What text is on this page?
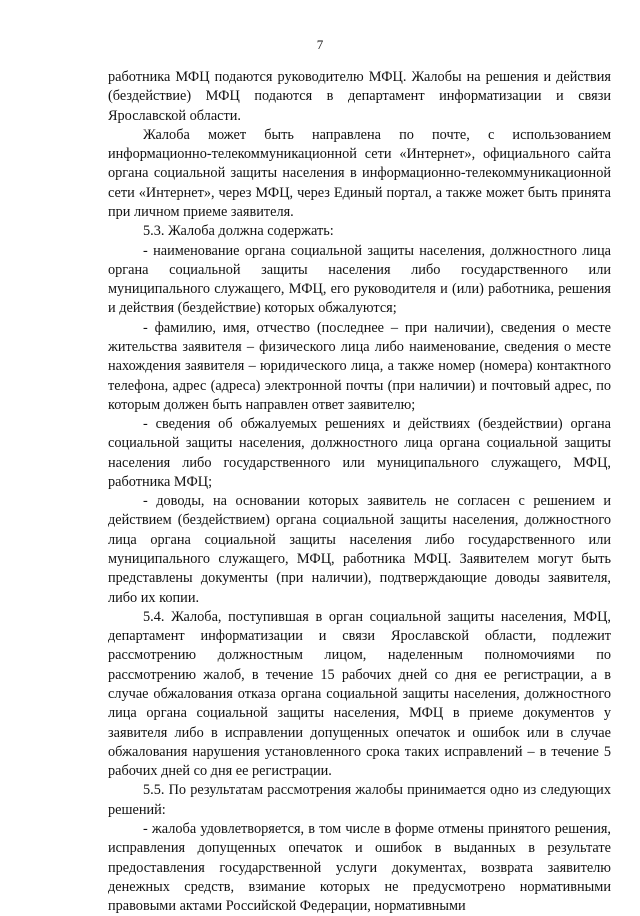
7

работника МФЦ подаются руководителю МФЦ. Жалобы на решения и действия (бездействие) МФЦ подаются в департамент информатизации и связи Ярославской области.

Жалоба может быть направлена по почте, с использованием информационно-телекоммуникационной сети «Интернет», официального сайта органа социальной защиты населения в информационно-телекоммуникационной сети «Интернет», через МФЦ, через Единый портал, а также может быть принята при личном приеме заявителя.

5.3. Жалоба должна содержать:

- наименование органа социальной защиты населения, должностного лица органа социальной защиты населения либо государственного или муниципального служащего, МФЦ, его руководителя и (или) работника, решения и действия (бездействие) которых обжалуются;

- фамилию, имя, отчество (последнее – при наличии), сведения о месте жительства заявителя – физического лица либо наименование, сведения о месте нахождения заявителя – юридического лица, а также номер (номера) контактного телефона, адрес (адреса) электронной почты (при наличии) и почтовый адрес, по которым должен быть направлен ответ заявителю;

- сведения об обжалуемых решениях и действиях (бездействии) органа социальной защиты населения, должностного лица органа социальной защиты населения либо государственного или муниципального служащего, МФЦ, работника МФЦ;

- доводы, на основании которых заявитель не согласен с решением и действием (бездействием) органа социальной защиты населения, должностного лица органа социальной защиты населения либо государственного или муниципального служащего, МФЦ, работника МФЦ. Заявителем могут быть представлены документы (при наличии), подтверждающие доводы заявителя, либо их копии.

5.4. Жалоба, поступившая в орган социальной защиты населения, МФЦ, департамент информатизации и связи Ярославской области, подлежит рассмотрению должностным лицом, наделенным полномочиями по рассмотрению жалоб, в течение 15 рабочих дней со дня ее регистрации, а в случае обжалования отказа органа социальной защиты населения, должностного лица органа социальной защиты населения, МФЦ в приеме документов у заявителя либо в исправлении допущенных опечаток и ошибок или в случае обжалования нарушения установленного срока таких исправлений – в течение 5 рабочих дней со дня ее регистрации.

5.5. По результатам рассмотрения жалобы принимается одно из следующих решений:

- жалоба удовлетворяется, в том числе в форме отмены принятого решения, исправления допущенных опечаток и ошибок в выданных в результате предоставления государственной услуги документах, возврата заявителю денежных средств, взимание которых не предусмотрено нормативными правовыми актами Российской Федерации, нормативными
